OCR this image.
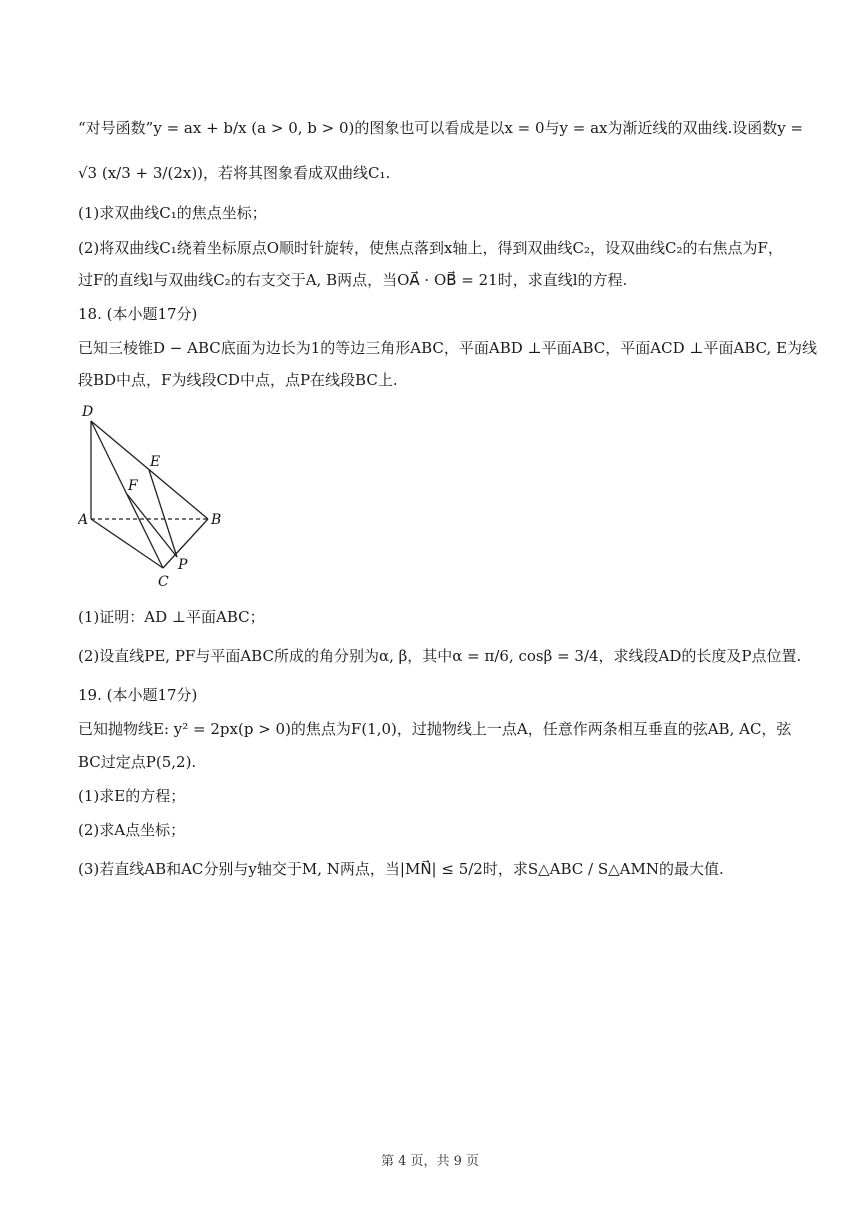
“对号函数”y = ax + b/x (a > 0, b > 0)的图象也可以看成是以x = 0与y = ax为渐近线的双曲线.设函数y =
√3 (x/3 + 3/(2x))，若将其图象看成双曲线C₁.
(1)求双曲线C₁的焦点坐标；
(2)将双曲线C₁绕着坐标原点O顺时针旋转，使焦点落到x轴上，得到双曲线C₂，设双曲线C₂的右焦点为F，
过F的直线l与双曲线C₂的右支交于A, B两点，当OA⃗ · OB⃗ = 21时，求直线l的方程.
18. (本小题17分)
已知三棱锥D − ABC底面为边长为1的等边三角形ABC，平面ABD ⊥平面ABC，平面ACD ⊥平面ABC, E为线
段BD中点，F为线段CD中点，点P在线段BC上.
D
E
F
A	B
P
C
(1)证明：AD ⊥平面ABC；
(2)设直线PE, PF与平面ABC所成的角分别为α, β，其中α = π/6, cosβ = 3/4，求线段AD的长度及P点位置.
19. (本小题17分)
已知抛物线E: y² = 2px(p > 0)的焦点为F(1,0)，过抛物线上一点A，任意作两条相互垂直的弦AB, AC，弦
BC过定点P(5,2).
(1)求E的方程；
(2)求A点坐标；
(3)若直线AB和AC分别与y轴交于M, N两点，当|MN⃗| ≤ 5/2时，求S△ABC / S△AMN的最大值.
第 4 页，共 9 页
